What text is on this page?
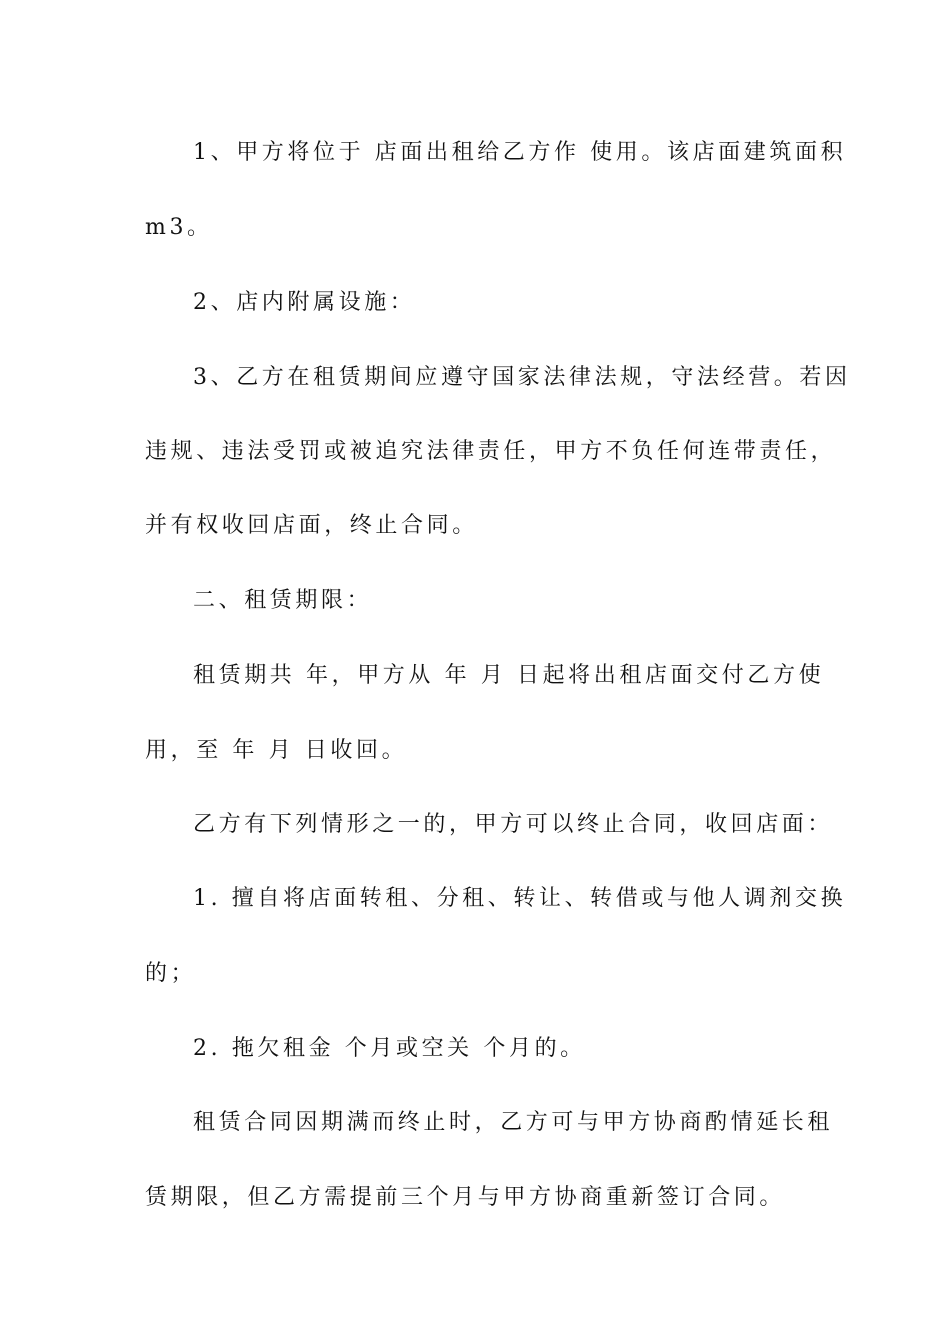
1、甲方将位于 店面出租给乙方作 使用。该店面建筑面积
m3。
2、店内附属设施：
3、乙方在租赁期间应遵守国家法律法规，守法经营。若因
违规、违法受罚或被追究法律责任，甲方不负任何连带责任，
并有权收回店面，终止合同。
二、租赁期限：
租赁期共 年，甲方从 年 月 日起将出租店面交付乙方使
用，至 年 月 日收回。
乙方有下列情形之一的，甲方可以终止合同，收回店面：
1. 擅自将店面转租、分租、转让、转借或与他人调剂交换
的；
2. 拖欠租金 个月或空关 个月的。
租赁合同因期满而终止时，乙方可与甲方协商酌情延长租
赁期限，但乙方需提前三个月与甲方协商重新签订合同。
